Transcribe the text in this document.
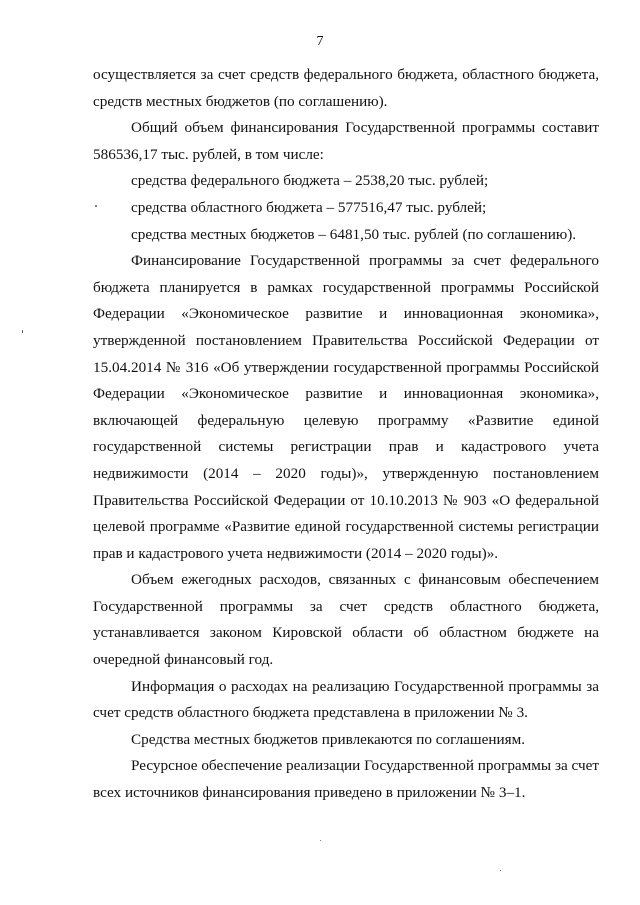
7

осуществляется за счет средств федерального бюджета, областного бюджета, средств местных бюджетов (по соглашению).

Общий объем финансирования Государственной программы составит 586536,17 тыс. рублей, в том числе:

средства федерального бюджета – 2538,20 тыс. рублей;

средства областного бюджета – 577516,47 тыс. рублей;

средства местных бюджетов – 6481,50 тыс. рублей (по соглашению).

Финансирование Государственной программы за счет федерального бюджета планируется в рамках государственной программы Российской Федерации «Экономическое развитие и инновационная экономика», утвержденной постановлением Правительства Российской Федерации от 15.04.2014 № 316 «Об утверждении государственной программы Российской Федерации «Экономическое развитие и инновационная экономика», включающей федеральную целевую программу «Развитие единой государственной системы регистрации прав и кадастрового учета недвижимости (2014 – 2020 годы)», утвержденную постановлением Правительства Российской Федерации от 10.10.2013 № 903 «О федеральной целевой программе «Развитие единой государственной системы регистрации прав и кадастрового учета недвижимости (2014 – 2020 годы)».

Объем ежегодных расходов, связанных с финансовым обеспечением Государственной программы за счет средств областного бюджета, устанавливается законом Кировской области об областном бюджете на очередной финансовый год.

Информация о расходах на реализацию Государственной программы за счет средств областного бюджета представлена в приложении № 3.

Средства местных бюджетов привлекаются по соглашениям.

Ресурсное обеспечение реализации Государственной программы за счет всех источников финансирования приведено в приложении № 3–1.
